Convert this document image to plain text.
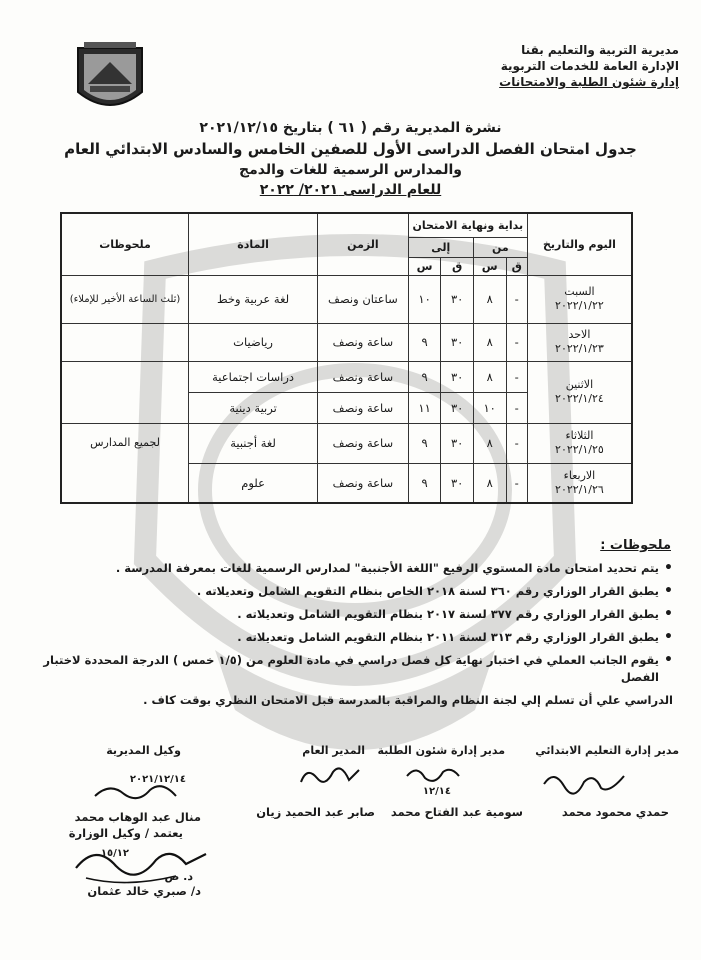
مديرية التربية والتعليم بقنا
الإدارة العامة للخدمات التربوية
إدارة شئون الطلبة والامتحانات
نشرة المديرية رقم ( ٦١ ) بتاريخ ٢٠٢١/١٢/١٥
جدول امتحان الفصل الدراسى الأول للصفين الخامس والسادس الابتدائي العام
والمدارس الرسمية للغات والدمج
للعام الدراسى ٢٠٢١/ ٢٠٢٢
اليوم والتاريخ	بداية ونهاية الامتحان				الزمن	المادة	ملحوظات
	من		إلى				
	ق	س	ق	س			

السبت
٢٠٢٢/١/٢٢	-	٨	٣٠	١٠	ساعتان ونصف	لغة عربية وخط	(ثلث الساعة الأخير للإملاء)

الاحد
٢٠٢٢/١/٢٣	-	٨	٣٠	٩	ساعة ونصف	رياضيات	

الاثنين
٢٠٢٢/١/٢٤	-	٨	٣٠	٩	ساعة ونصف	دراسات اجتماعية	
	-	١٠	٣٠	١١	ساعة ونصف	تربية دينية	

الثلاثاء
٢٠٢٢/١/٢٥	-	٨	٣٠	٩	ساعة ونصف	لغة أجنبية	لجميع المدارس

الاربعاء
٢٠٢٢/١/٢٦	-	٨	٣٠	٩	ساعة ونصف	علوم	
ملحوظات :
• يتم تحديد امتحان مادة المستوي الرفيع "اللغة الأجنبية" لمدارس الرسمية للغات بمعرفة المدرسة .
• يطبق القرار الوزاري رقم ٣٦٠ لسنة ٢٠١٨ الخاص بنظام التقويم الشامل وتعديلاته .
• يطبق القرار الوزاري رقم ٣٧٧ لسنة ٢٠١٧ بنظام التقويم الشامل وتعديلاته .
• يطبق القرار الوزاري رقم ٣١٣ لسنة ٢٠١١ بنظام التقويم الشامل وتعديلاته .
• يقوم الجانب العملي في اختبار نهاية كل فصل دراسي في مادة العلوم من (١/٥ خمس ) الدرجة المحددة لاختبار الفصل
الدراسي علي أن تسلم إلي لجنة النظام والمراقبة بالمدرسة قبل الامتحان النظري بوقت كاف .
مدير إدارة التعليم الابتدائي
حمدي محمود محمد
مدير إدارة شئون الطلبة
١٢/١٤
سومية عبد الفتاح محمد
المدير العام
صابر عبد الحميد زيان
وكيل المديرية
٢٠٢١/١٢/١٤
منال عبد الوهاب محمد
يعتمد / وكيل الوزارة
١٥/١٢
د. ص
د/ صبري خالد عثمان
